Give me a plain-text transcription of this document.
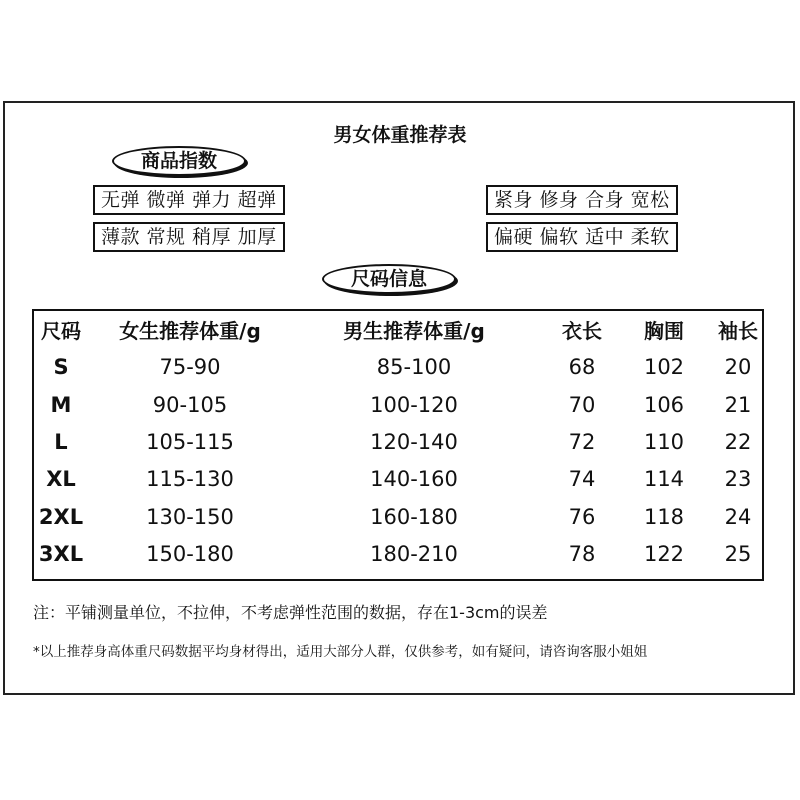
男女体重推荐表
商品指数
无弹 微弹 弹力 超弹	紧身 修身 合身 宽松
薄款 常规 稍厚 加厚	偏硬 偏软 适中 柔软
尺码信息
尺码 女生推荐体重/g	男生推荐体重/g	衣长 胸围 袖长
S	75-90	85-100	68 102 20
M	90-105	100-120	70 106 21
L	105-115	120-140	72 110 22
XL	115-130	140-160	74 114 23
2XL	130-150	160-180	76 118 24
3XL	150-180	180-210	78 122 25
注：平铺测量单位，不拉伸，不考虑弹性范围的数据，存在1-3cm的误差
*以上推荐身高体重尺码数据平均身材得出，适用大部分人群，仅供参考，如有疑问，请咨询客服小姐姐
